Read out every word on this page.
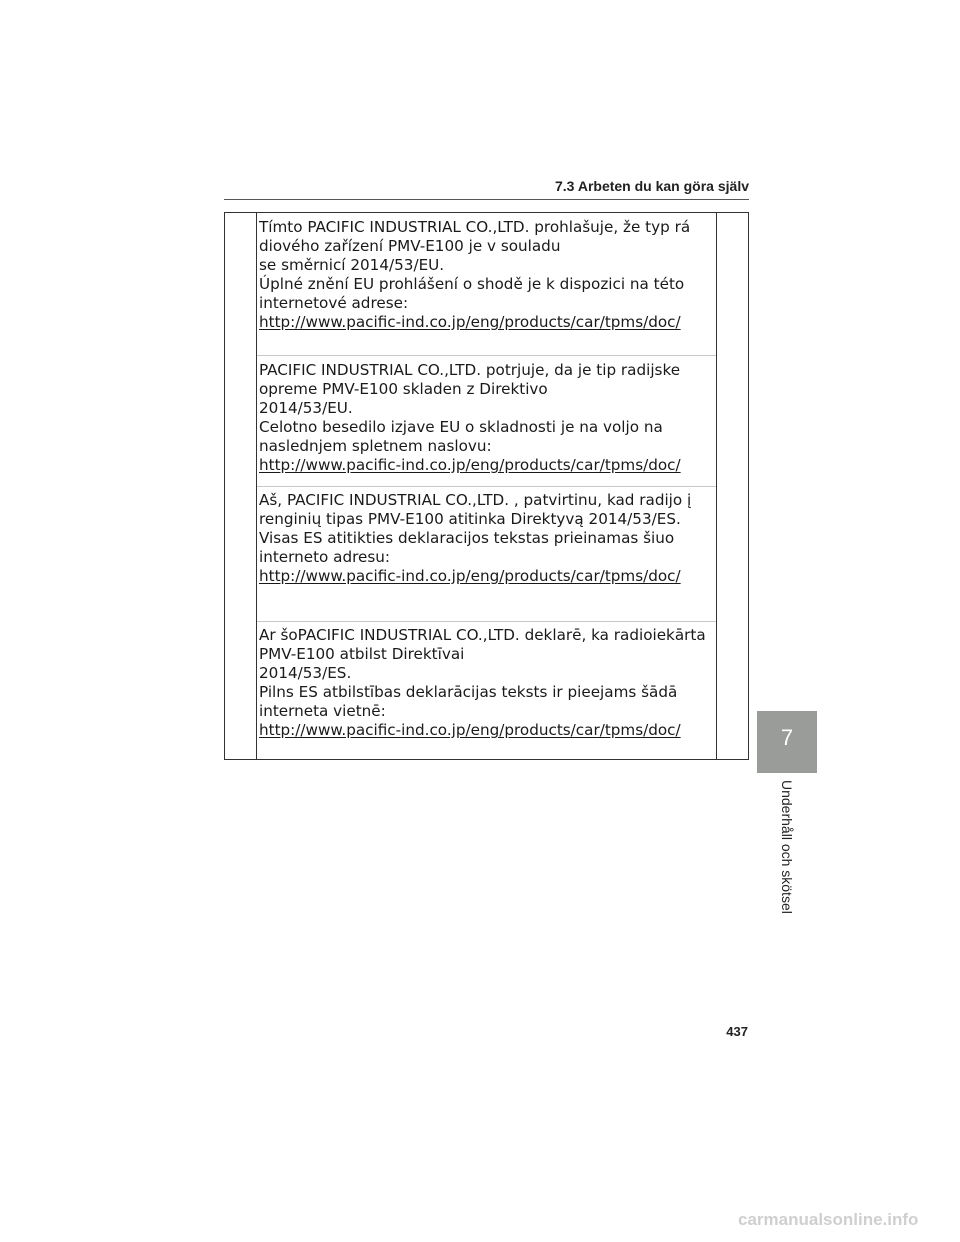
7.3 Arbeten du kan göra själv
Tímto PACIFIC INDUSTRIAL CO.,LTD. prohlašuje, že typ rá
diového zařízení PMV-E100 je v souladu
se směrnicí 2014/53/EU.
Úplné znění EU prohlášení o shodě je k dispozici na této
internetové adrese:
http://www.pacific-ind.co.jp/eng/products/car/tpms/doc/
PACIFIC INDUSTRIAL CO.,LTD. potrjuje, da je tip radijske
opreme PMV-E100 skladen z Direktivo
2014/53/EU.
Celotno besedilo izjave EU o skladnosti je na voljo na
naslednjem spletnem naslovu:
http://www.pacific-ind.co.jp/eng/products/car/tpms/doc/
Aš, PACIFIC INDUSTRIAL CO.,LTD. , patvirtinu, kad radijo į
renginių tipas PMV-E100 atitinka Direktyvą 2014/53/ES.
Visas ES atitikties deklaracijos tekstas prieinamas šiuo
interneto adresu:
http://www.pacific-ind.co.jp/eng/products/car/tpms/doc/
Ar šoPACIFIC INDUSTRIAL CO.,LTD. deklarē, ka radioiekārta
PMV-E100 atbilst Direktīvai
2014/53/ES.
Pilns ES atbilstības deklarācijas teksts ir pieejams šādā
interneta vietnē:
http://www.pacific-ind.co.jp/eng/products/car/tpms/doc/	7
Underhåll och skötsel
437
carmanualsonline.info
